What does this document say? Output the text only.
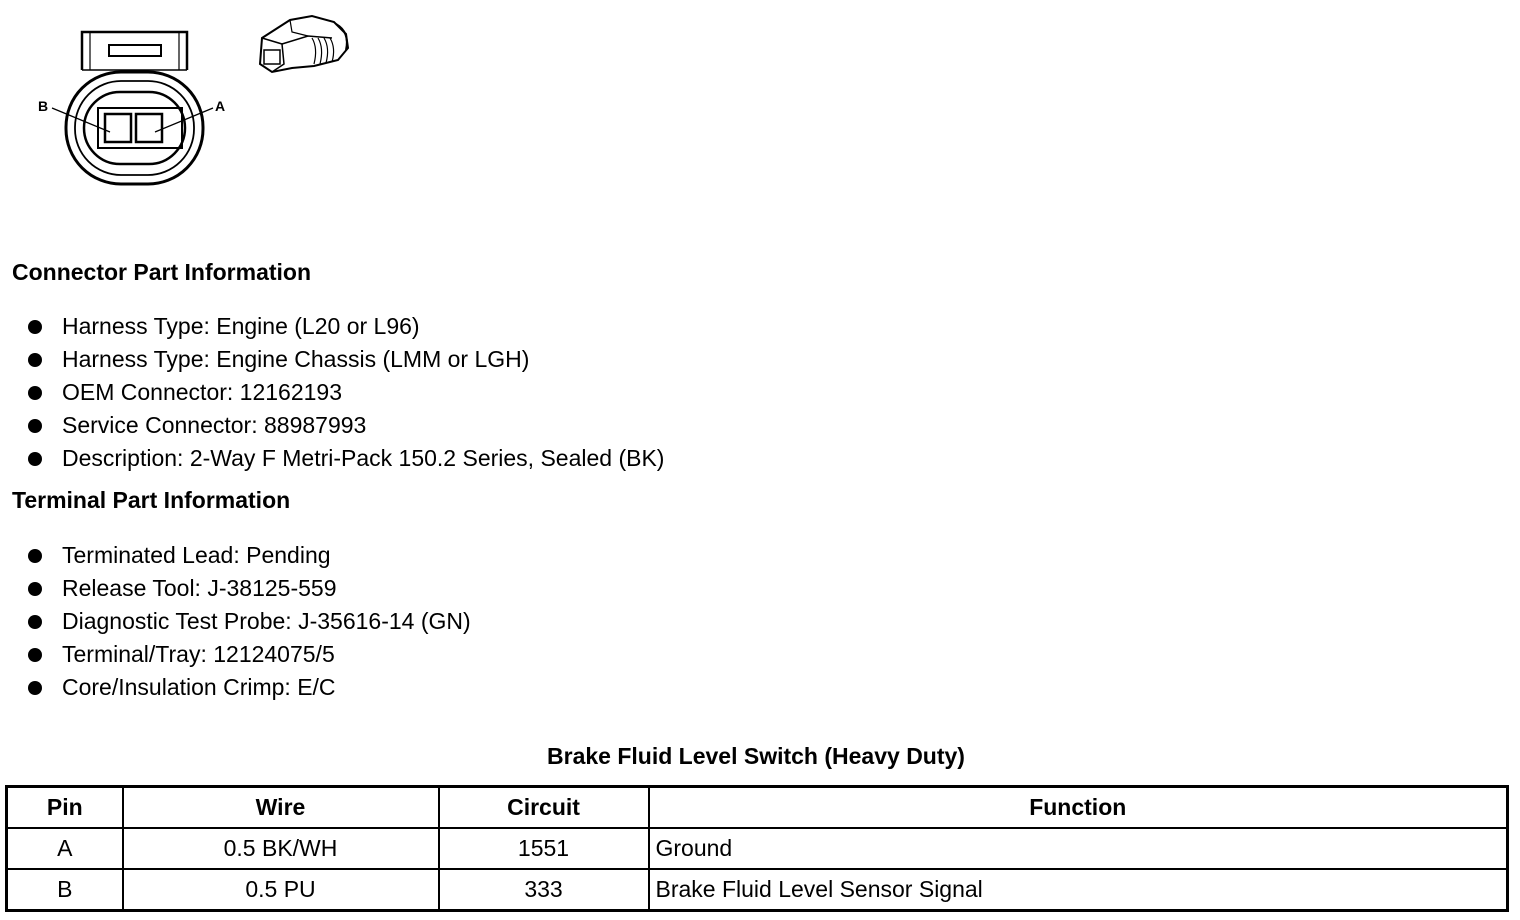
B	A
Connector Part Information
Harness Type: Engine (L20 or L96)
Harness Type: Engine Chassis (LMM or LGH)
OEM Connector: 12162193
Service Connector: 88987993
Description: 2-Way F Metri-Pack 150.2 Series, Sealed (BK)
Terminal Part Information
Terminated Lead: Pending
Release Tool: J-38125-559
Diagnostic Test Probe: J-35616-14 (GN)
Terminal/Tray: 12124075/5
Core/Insulation Crimp: E/C
Brake Fluid Level Switch (Heavy Duty)
Pin	Wire	Circuit	Function
A	0.5 BK/WH	1551	Ground
B	0.5 PU	333	Brake Fluid Level Sensor Signal
